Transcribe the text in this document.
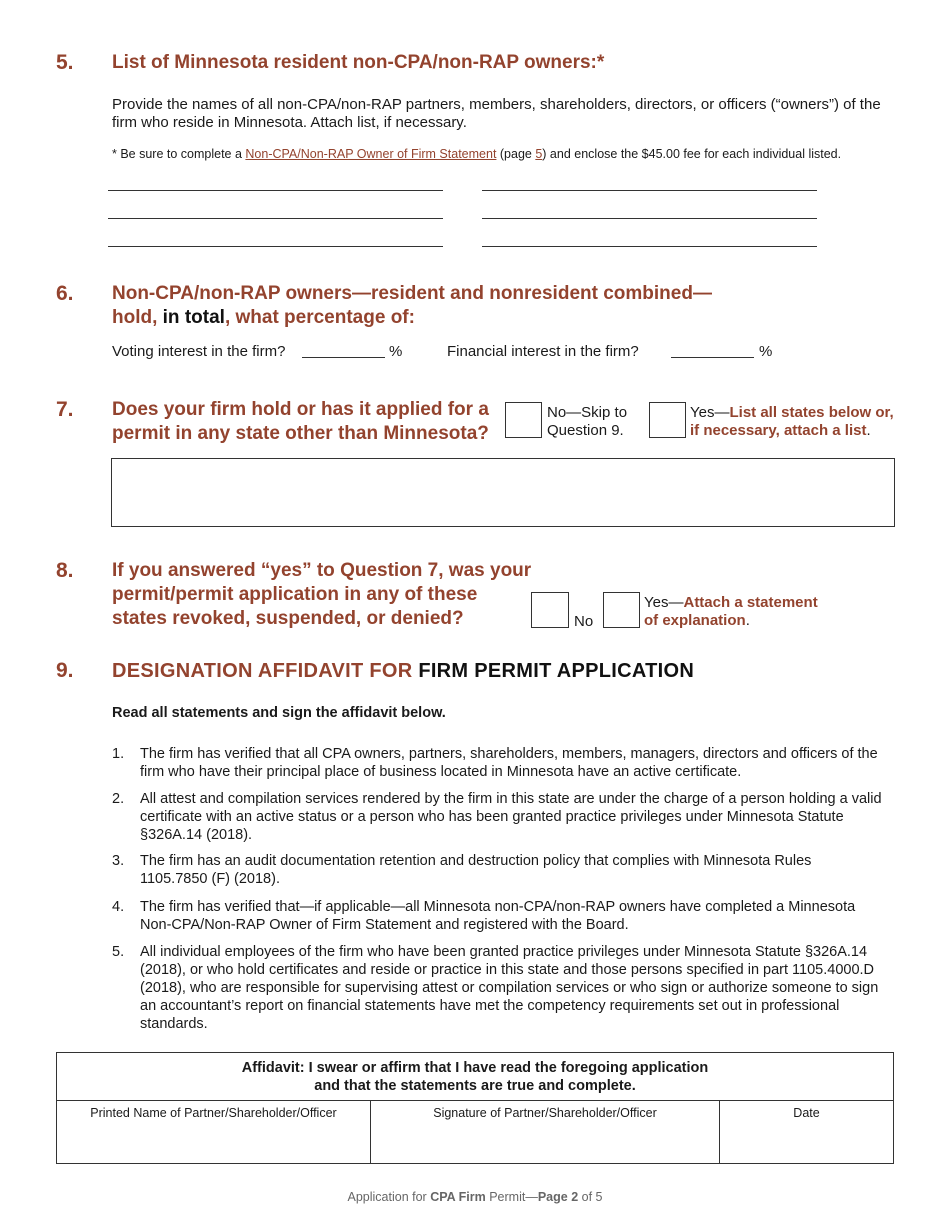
5. List of Minnesota resident non-CPA/non-RAP owners:*
Provide the names of all non-CPA/non-RAP partners, members, shareholders, directors, or officers (“owners”) of the firm who reside in Minnesota. Attach list, if necessary.
* Be sure to complete a Non-CPA/Non-RAP Owner of Firm Statement (page 5) and enclose the $45.00 fee for each individual listed.
6. Non-CPA/non-RAP owners—resident and nonresident combined—
hold, in total, what percentage of:
Voting interest in the firm?	%	Financial interest in the firm?	%
7. Does your firm hold or has it applied for a
permit in any state other than Minnesota?
No—Skip to
Question 9.
Yes—List all states below or,
if necessary, attach a list.
8. If you answered “yes” to Question 7, was your
permit/permit application in any of these
states revoked, suspended, or denied?	No
Yes—Attach a statement
of explanation.
9. DESIGNATION AFFIDAVIT FOR FIRM PERMIT APPLICATION
Read all statements and sign the affidavit below.
1. The firm has verified that all CPA owners, partners, shareholders, members, managers, directors and officers of the firm who have their principal place of business located in Minnesota have an active certificate.
2. All attest and compilation services rendered by the firm in this state are under the charge of a person holding a valid certificate with an active status or a person who has been granted practice privileges under Minnesota Statute §326A.14 (2018).
3. The firm has an audit documentation retention and destruction policy that complies with Minnesota Rules 1105.7850 (F) (2018).
4. The firm has verified that—if applicable—all Minnesota non-CPA/non-RAP owners have completed a Minnesota Non-CPA/Non-RAP Owner of Firm Statement and registered with the Board.
5. All individual employees of the firm who have been granted practice privileges under Minnesota Statute §326A.14 (2018), or who hold certificates and reside or practice in this state and those persons specified in part 1105.4000.D (2018), who are responsible for supervising attest or compilation services or who sign or authorize someone to sign an accountant’s report on financial statements have met the competency requirements set out in professional standards.
Affidavit: I swear or affirm that I have read the foregoing application
and that the statements are true and complete.

Printed Name of Partner/Shareholder/Officer	Signature of Partner/Shareholder/Officer	Date
Application for CPA Firm Permit—Page 2 of 5
